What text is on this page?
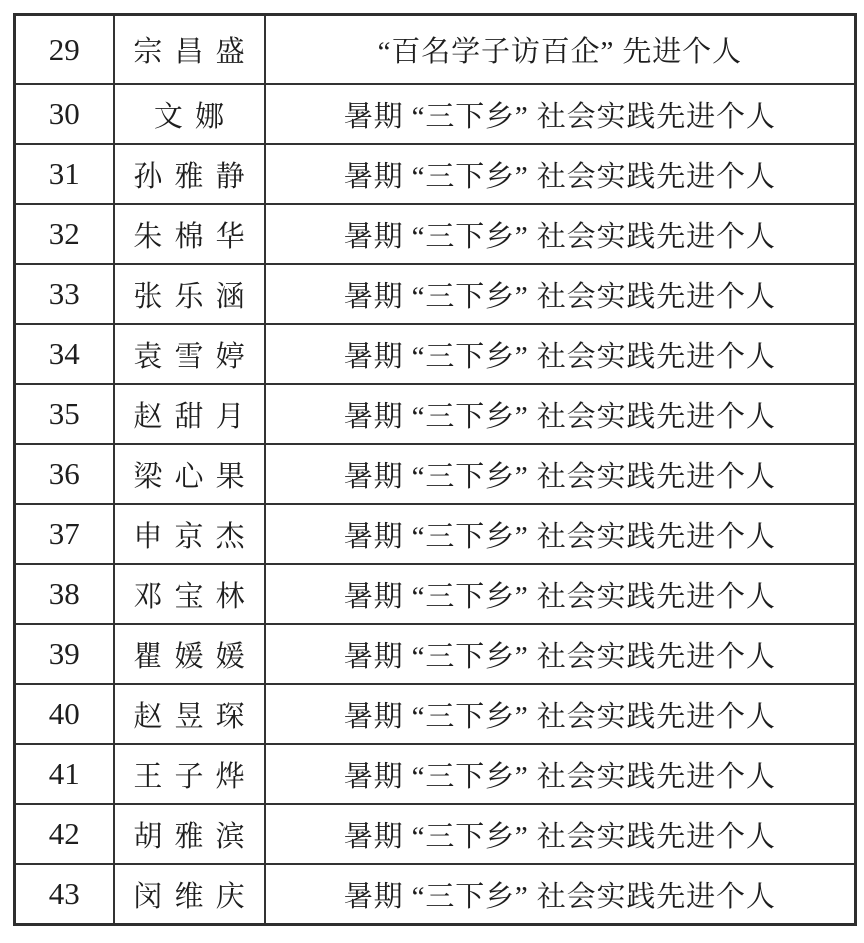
29	宗昌盛	“百名学子访百企” 先进个人
30	文娜	暑期 “三下乡” 社会实践先进个人
31	孙雅静	暑期 “三下乡” 社会实践先进个人
32	朱棉华	暑期 “三下乡” 社会实践先进个人
33	张乐涵	暑期 “三下乡” 社会实践先进个人
34	袁雪婷	暑期 “三下乡” 社会实践先进个人
35	赵甜月	暑期 “三下乡” 社会实践先进个人
36	梁心果	暑期 “三下乡” 社会实践先进个人
37	申京杰	暑期 “三下乡” 社会实践先进个人
38	邓宝林	暑期 “三下乡” 社会实践先进个人
39	瞿媛媛	暑期 “三下乡” 社会实践先进个人
40	赵昱琛	暑期 “三下乡” 社会实践先进个人
41	王子烨	暑期 “三下乡” 社会实践先进个人
42	胡雅滨	暑期 “三下乡” 社会实践先进个人
43	闵维庆	暑期 “三下乡” 社会实践先进个人
